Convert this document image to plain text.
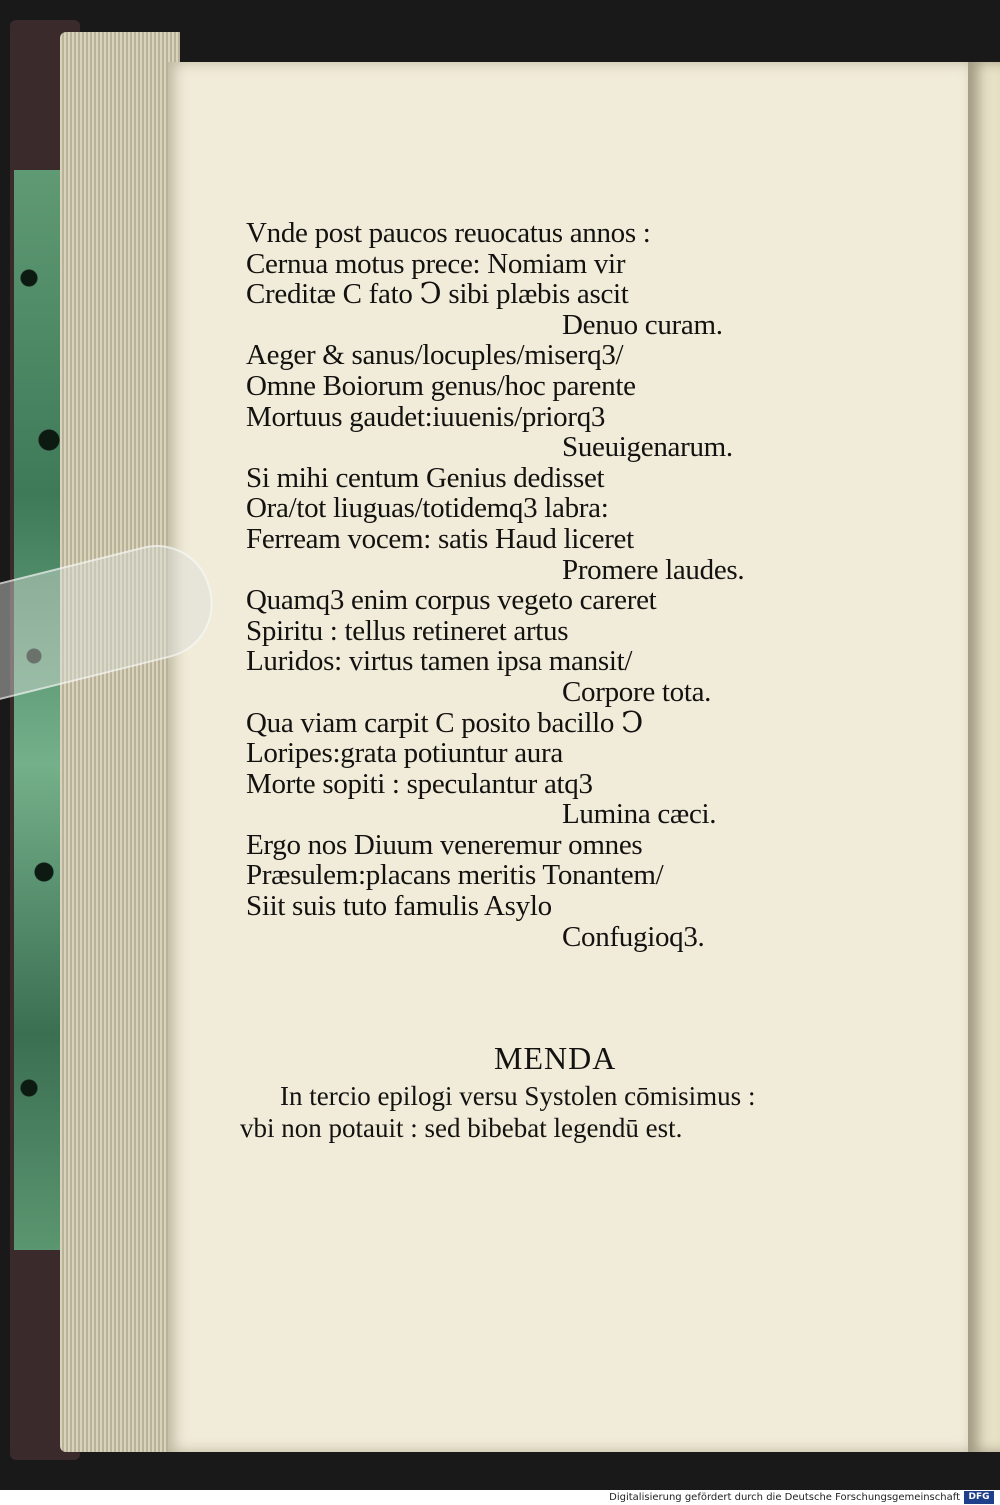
Vnde post paucos reuocatus annos :
Cernua motus prece: Nomiam vir
Creditæ C fato Ↄ sibi plæbis ascit
Denuo curam.
Aeger & sanus/locuples/miserq3/
Omne Boiorum genus/hoc parente
Mortuus gaudet:iuuenis/priorq3
Sueuigenarum.
Si mihi centum Genius dedisset
Ora/tot liuguas/totidemq3 labra:
Ferream vocem: satis Haud liceret
Promere laudes.
Quamq3 enim corpus vegeto careret
Spiritu : tellus retineret artus
Luridos: virtus tamen ipsa mansit/
Corpore tota.
Qua viam carpit C posito bacillo Ↄ
Loripes:grata potiuntur aura
Morte sopiti : speculantur atq3
Lumina cæci.
Ergo nos Diuum veneremur omnes
Præsulem:placans meritis Tonantem/
Siit suis tuto famulis Asylo
Confugioq3.
MENDA
In tercio epilogi versu Systolen cōmisimus :
vbi non potauit : sed bibebat legendū est.
Digitalisierung gefördert durch die Deutsche Forschungsgemeinschaft DFG
